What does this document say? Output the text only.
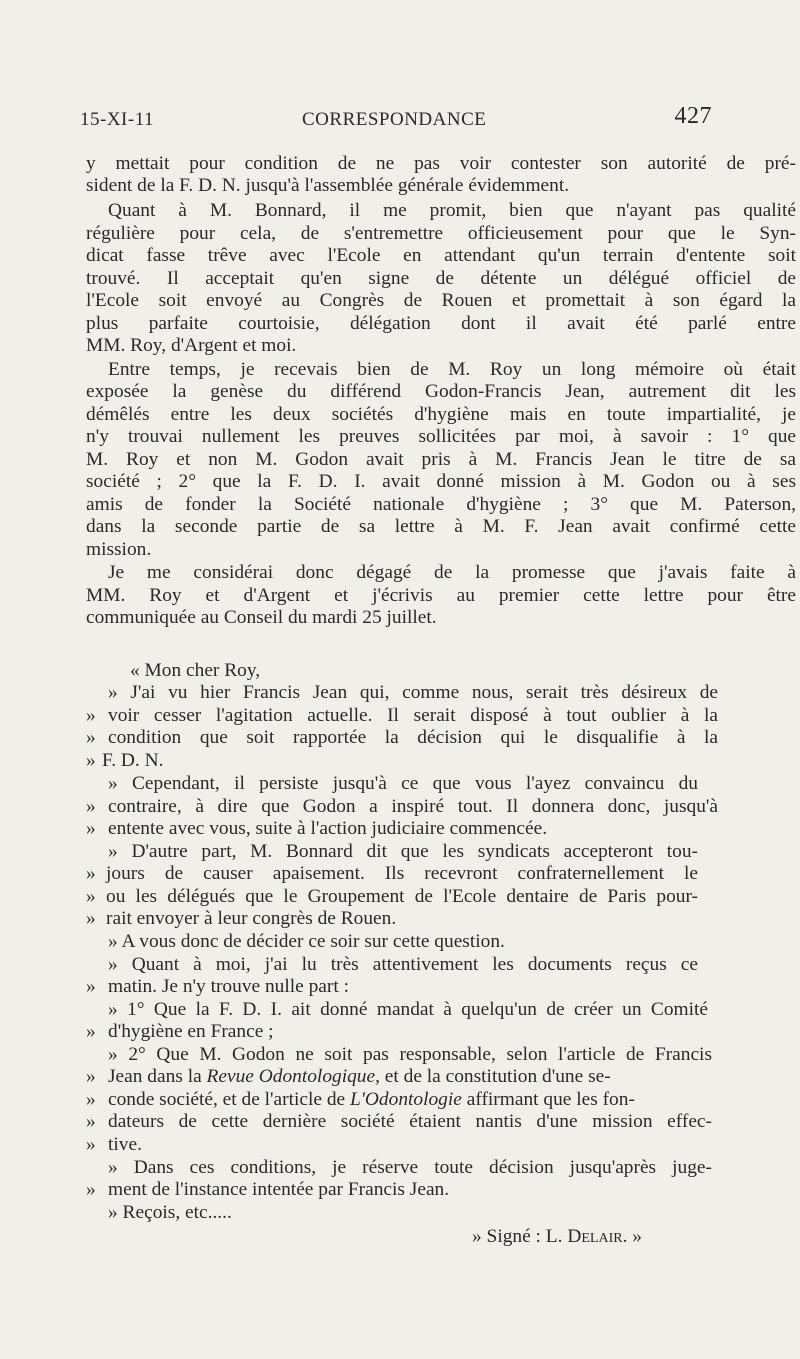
15-XI-11	CORRESPONDANCE	427
y mettait pour condition de ne pas voir contester son autorité de pré-
sident de la F. D. N. jusqu'à l'assemblée générale évidemment.
Quant à M. Bonnard, il me promit, bien que n'ayant pas qualité
régulière pour cela, de s'entremettre officieusement pour que le Syn-
dicat fasse trêve avec l'Ecole en attendant qu'un terrain d'entente soit
trouvé. Il acceptait qu'en signe de détente un délégué officiel de
l'Ecole soit envoyé au Congrès de Rouen et promettait à son égard la
plus parfaite courtoisie, délégation dont il avait été parlé entre
MM. Roy, d'Argent et moi.
Entre temps, je recevais bien de M. Roy un long mémoire où était
exposée la genèse du différend Godon-Francis Jean, autrement dit les
démêlés entre les deux sociétés d'hygiène mais en toute impartialité, je
n'y trouvai nullement les preuves sollicitées par moi, à savoir : 1° que
M. Roy et non M. Godon avait pris à M. Francis Jean le titre de sa
société ; 2° que la F. D. I. avait donné mission à M. Godon ou à ses
amis de fonder la Société nationale d'hygiène ; 3° que M. Paterson,
dans la seconde partie de sa lettre à M. F. Jean avait confirmé cette
mission.
Je me considérai donc dégagé de la promesse que j'avais faite à
MM. Roy et d'Argent et j'écrivis au premier cette lettre pour être
communiquée au Conseil du mardi 25 juillet.
« Mon cher Roy,
» J'ai vu hier Francis Jean qui, comme nous, serait très désireux de
» voir cesser l'agitation actuelle. Il serait disposé à tout oublier à la
» condition que soit rapportée la décision qui le disqualifie à la
» F. D. N.
» Cependant, il persiste jusqu'à ce que vous l'ayez convaincu du
» contraire, à dire que Godon a inspiré tout. Il donnera donc, jusqu'à
» entente avec vous, suite à l'action judiciaire commencée.
» D'autre part, M. Bonnard dit que les syndicats accepteront tou-
» jours de causer apaisement. Ils recevront confraternellement le
» ou les délégués que le Groupement de l'Ecole dentaire de Paris pour-
» rait envoyer à leur congrès de Rouen.
» A vous donc de décider ce soir sur cette question.
» Quant à moi, j'ai lu très attentivement les documents reçus ce
» matin. Je n'y trouve nulle part :
» 1° Que la F. D. I. ait donné mandat à quelqu'un de créer un Comité
» d'hygiène en France ;
» 2° Que M. Godon ne soit pas responsable, selon l'article de Francis
» Jean dans la Revue Odontologique, et de la constitution d'une se-
» conde société, et de l'article de L'Odontologie affirmant que les fon-
» dateurs de cette dernière société étaient nantis d'une mission effec-
» tive.
» Dans ces conditions, je réserve toute décision jusqu'après juge-
» ment de l'instance intentée par Francis Jean.
» Reçois, etc.....
» Signé : L. Delair. »
